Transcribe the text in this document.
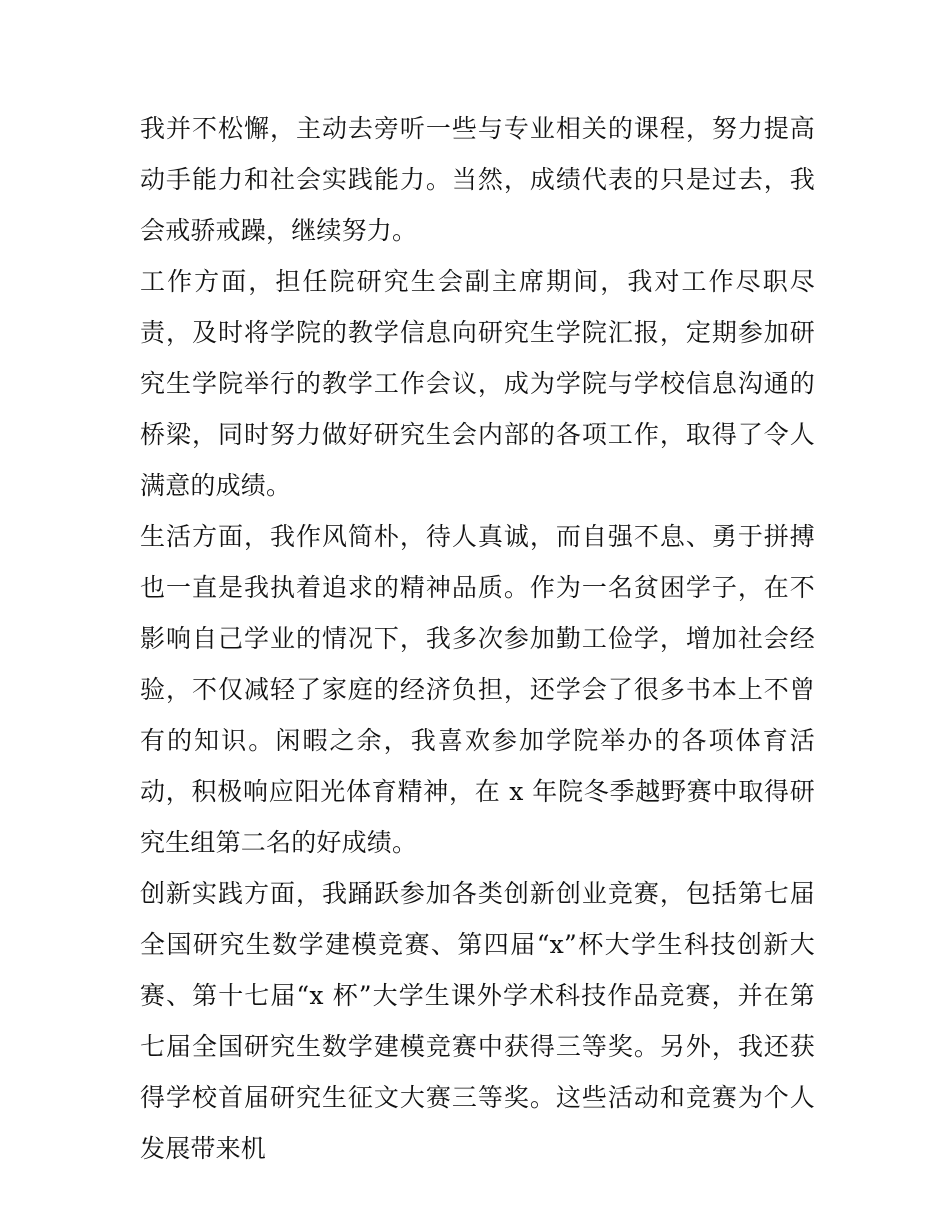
我并不松懈，主动去旁听一些与专业相关的课程，努力提高动手能力和社会实践能力。当然，成绩代表的只是过去，我会戒骄戒躁，继续努力。

工作方面，担任院研究生会副主席期间，我对工作尽职尽责，及时将学院的教学信息向研究生学院汇报，定期参加研究生学院举行的教学工作会议，成为学院与学校信息沟通的桥梁，同时努力做好研究生会内部的各项工作，取得了令人满意的成绩。

生活方面，我作风简朴，待人真诚，而自强不息、勇于拼搏也一直是我执着追求的精神品质。作为一名贫困学子，在不影响自己学业的情况下，我多次参加勤工俭学，增加社会经验，不仅减轻了家庭的经济负担，还学会了很多书本上不曾有的知识。闲暇之余，我喜欢参加学院举办的各项体育活动，积极响应阳光体育精神，在 x 年院冬季越野赛中取得研究生组第二名的好成绩。

创新实践方面，我踊跃参加各类创新创业竞赛，包括第七届全国研究生数学建模竞赛、第四届“x”杯大学生科技创新大赛、第十七届“x 杯”大学生课外学术科技作品竞赛，并在第七届全国研究生数学建模竞赛中获得三等奖。另外，我还获得学校首届研究生征文大赛三等奖。这些活动和竞赛为个人发展带来机
